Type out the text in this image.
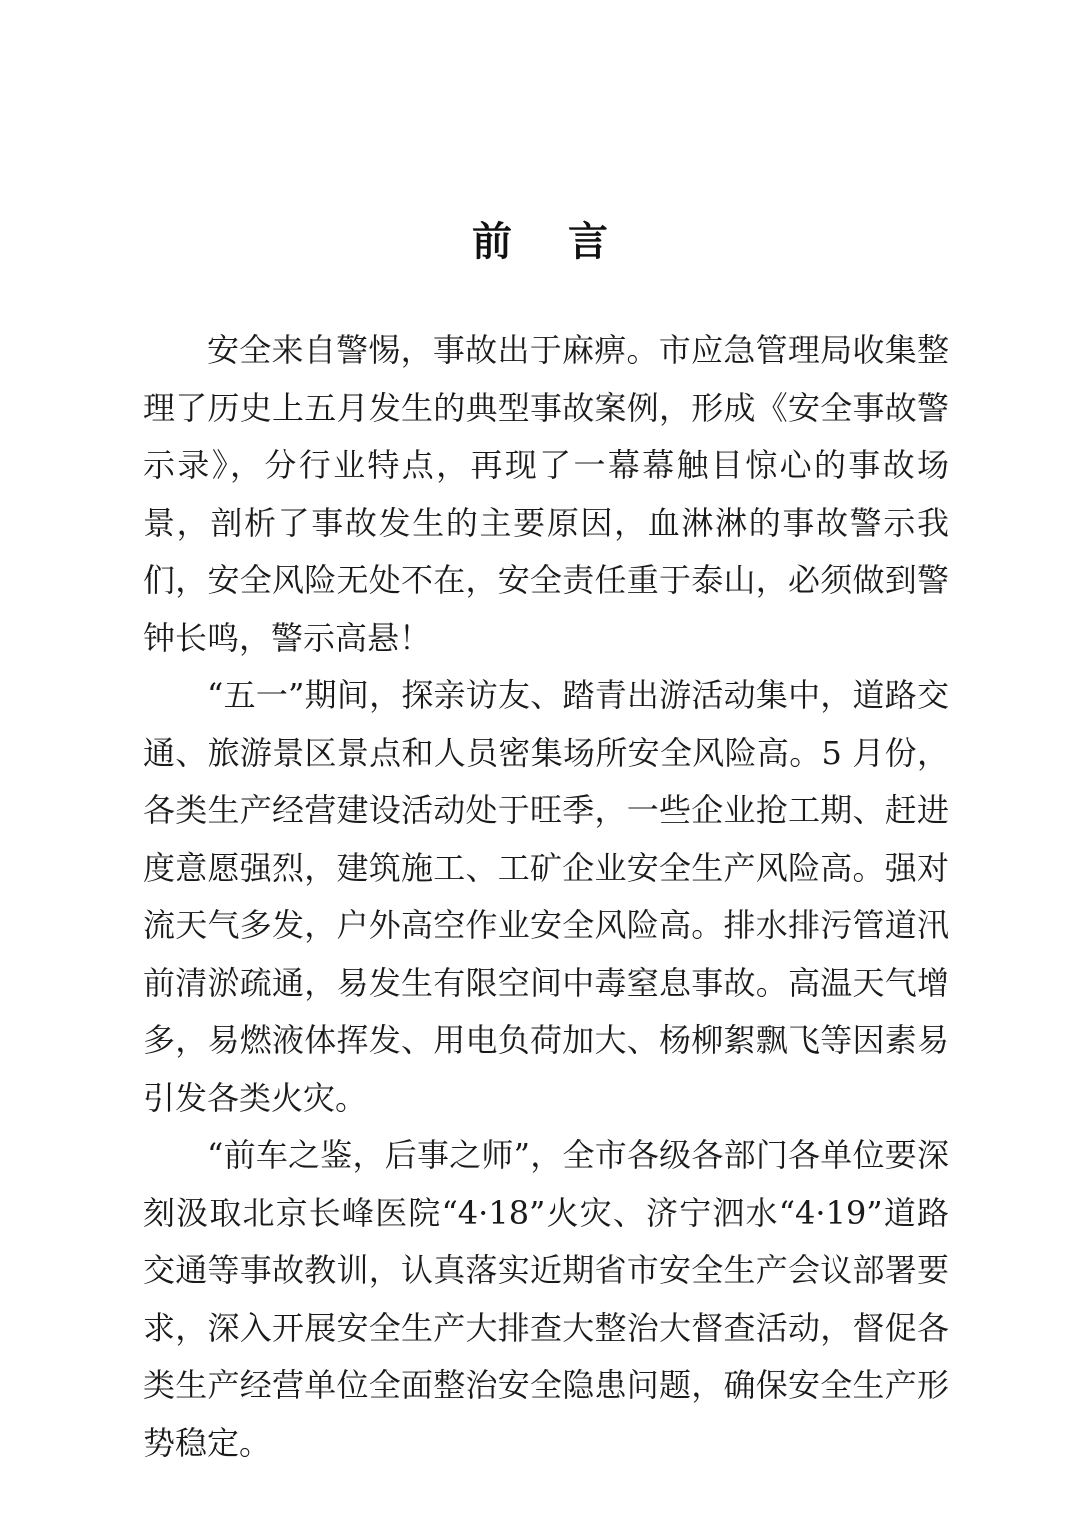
前 言

安全来自警惕，事故出于麻痹。市应急管理局收集整理了历史上五月发生的典型事故案例，形成《安全事故警示录》，分行业特点，再现了一幕幕触目惊心的事故场景，剖析了事故发生的主要原因，血淋淋的事故警示我们，安全风险无处不在，安全责任重于泰山，必须做到警钟长鸣，警示高悬！

“五一”期间，探亲访友、踏青出游活动集中，道路交通、旅游景区景点和人员密集场所安全风险高。5 月份，各类生产经营建设活动处于旺季，一些企业抢工期、赶进度意愿强烈，建筑施工、工矿企业安全生产风险高。强对流天气多发，户外高空作业安全风险高。排水排污管道汛前清淤疏通，易发生有限空间中毒窒息事故。高温天气增多，易燃液体挥发、用电负荷加大、杨柳絮飘飞等因素易引发各类火灾。

“前车之鉴，后事之师”，全市各级各部门各单位要深刻汲取北京长峰医院“4·18”火灾、济宁泗水“4·19”道路交通等事故教训，认真落实近期省市安全生产会议部署要求，深入开展安全生产大排查大整治大督查活动，督促各类生产经营单位全面整治安全隐患问题，确保安全生产形势稳定。
